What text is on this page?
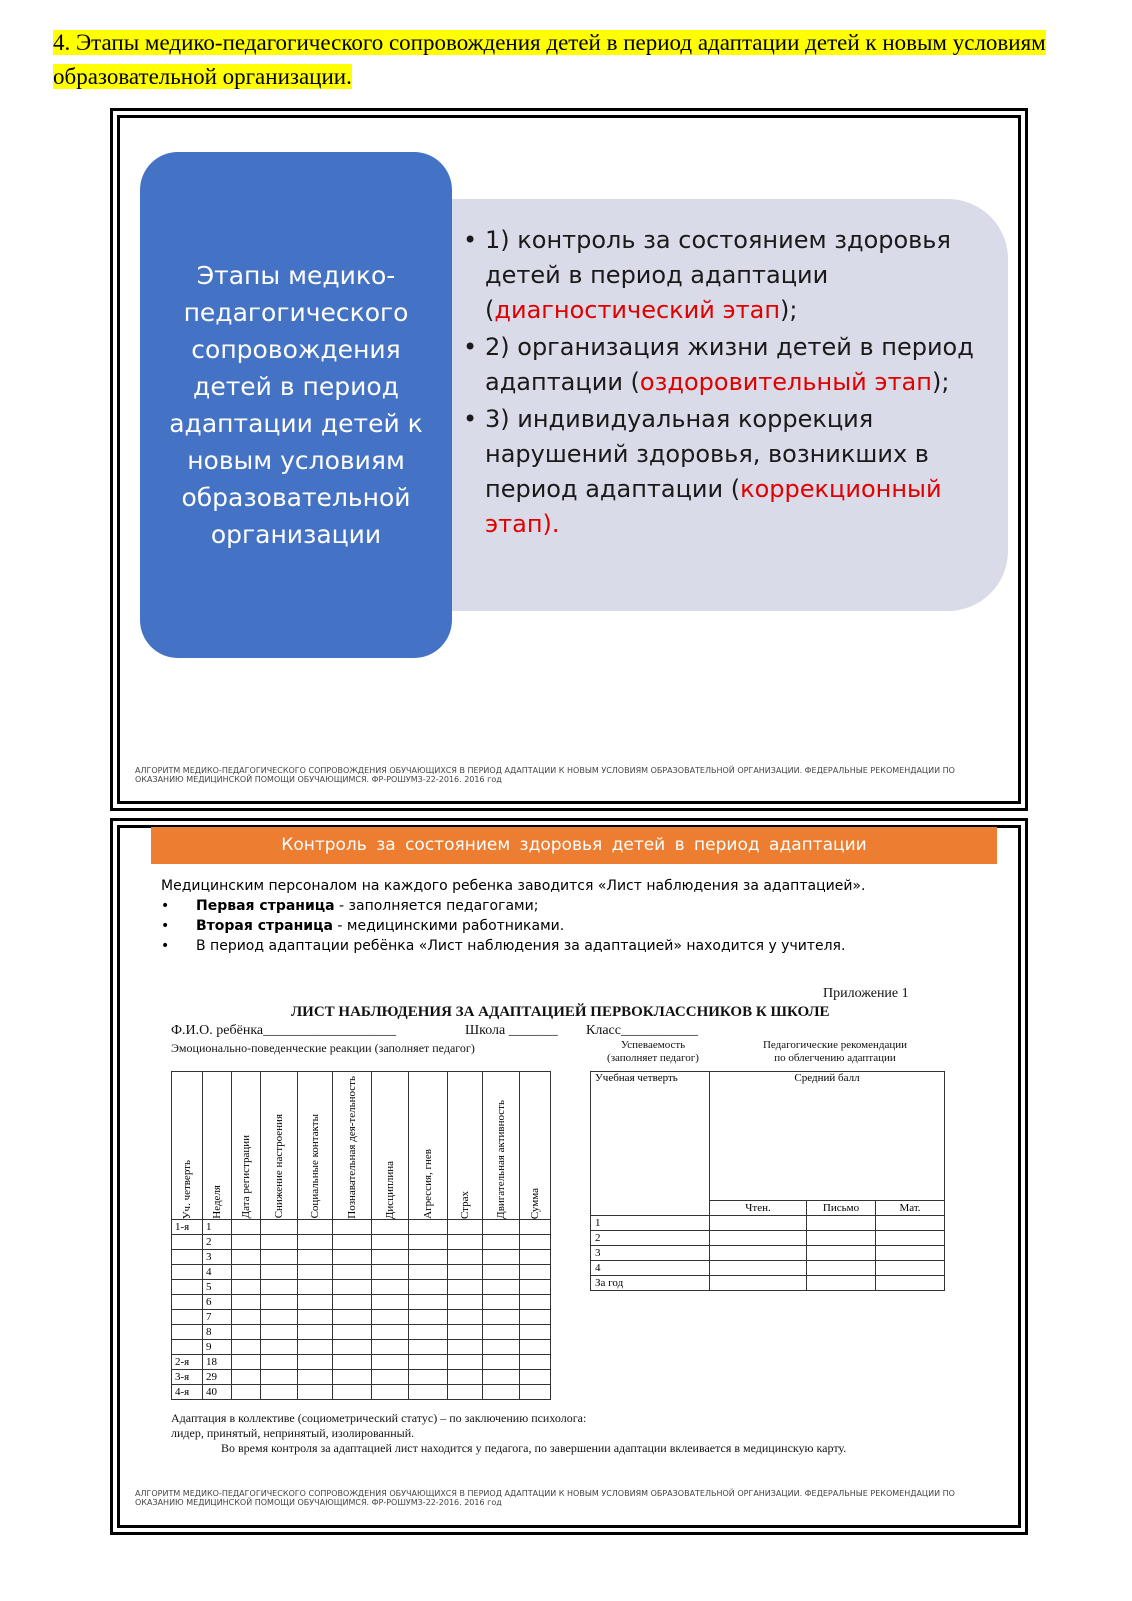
4. Этапы медико-педагогического сопровождения детей в период адаптации детей к новым условиям образовательной организации.
Этапы медико-педагогического сопровождения детей в период адаптации детей к новым условиям образовательной организации
• 1) контроль за состоянием здоровья детей в период адаптации (диагностический этап);
• 2) организация жизни детей в период адаптации (оздоровительный этап);
• 3) индивидуальная коррекция нарушений здоровья, возникших в период адаптации (коррекционный этап).
АЛГОРИТМ МЕДИКО-ПЕДАГОГИЧЕСКОГО СОПРОВОЖДЕНИЯ ОБУЧАЮЩИХСЯ В ПЕРИОД АДАПТАЦИИ К НОВЫМ УСЛОВИЯМ ОБРАЗОВАТЕЛЬНОЙ ОРГАНИЗАЦИИ. ФЕДЕРАЛЬНЫЕ РЕКОМЕНДАЦИИ ПО ОКАЗАНИЮ МЕДИЦИНСКОЙ ПОМОЩИ ОБУЧАЮЩИМСЯ. ФР-РОШУМЗ-22-2016. 2016 год
Контроль за состоянием здоровья детей в период адаптации
Медицинским персоналом на каждого ребенка заводится «Лист наблюдения за адаптацией».
• Первая страница - заполняется педагогами;
• Вторая страница - медицинскими работниками.
• В период адаптации ребёнка «Лист наблюдения за адаптацией» находится у учителя.
Приложение 1
ЛИСТ НАБЛЮДЕНИЯ ЗА АДАПТАЦИЕЙ ПЕРВОКЛАССНИКОВ К ШКОЛЕ
Ф.И.О. ребёнка___________________	Школа _______ Класс___________
Эмоционально-поведенческие реакции (заполняет педагог)	Успеваемость
(заполняет педагог)
Педагогические рекомендации
по облегчению адаптации
Уч. четверть	Неделя	Дата регистрации	Снижение настроения	Социальные контакты	Познавательная дея-тельность	Дисциплина	Агрессия, гнев	Страх	Двигательная активность	Сумма

1-я	1									
	2									
	3									
	4									
	5									
	6									
	7									
	8									
	9									
2-я	18									
3-я	29									
4-я	40									
Учебная четверть	Средний балл		
	Чтен.	Письмо	Мат.
1			
2			
3			
4			
За год			
Адаптация в коллективе (социометрический статус) – по заключению психолога:
лидер, принятый, непринятый, изолированный.
Во время контроля за адаптацией лист находится у педагога, по завершении адаптации вклеивается в медицинскую карту.
АЛГОРИТМ МЕДИКО-ПЕДАГОГИЧЕСКОГО СОПРОВОЖДЕНИЯ ОБУЧАЮЩИХСЯ В ПЕРИОД АДАПТАЦИИ К НОВЫМ УСЛОВИЯМ ОБРАЗОВАТЕЛЬНОЙ ОРГАНИЗАЦИИ. ФЕДЕРАЛЬНЫЕ РЕКОМЕНДАЦИИ ПО ОКАЗАНИЮ МЕДИЦИНСКОЙ ПОМОЩИ ОБУЧАЮЩИМСЯ. ФР-РОШУМЗ-22-2016. 2016 год
